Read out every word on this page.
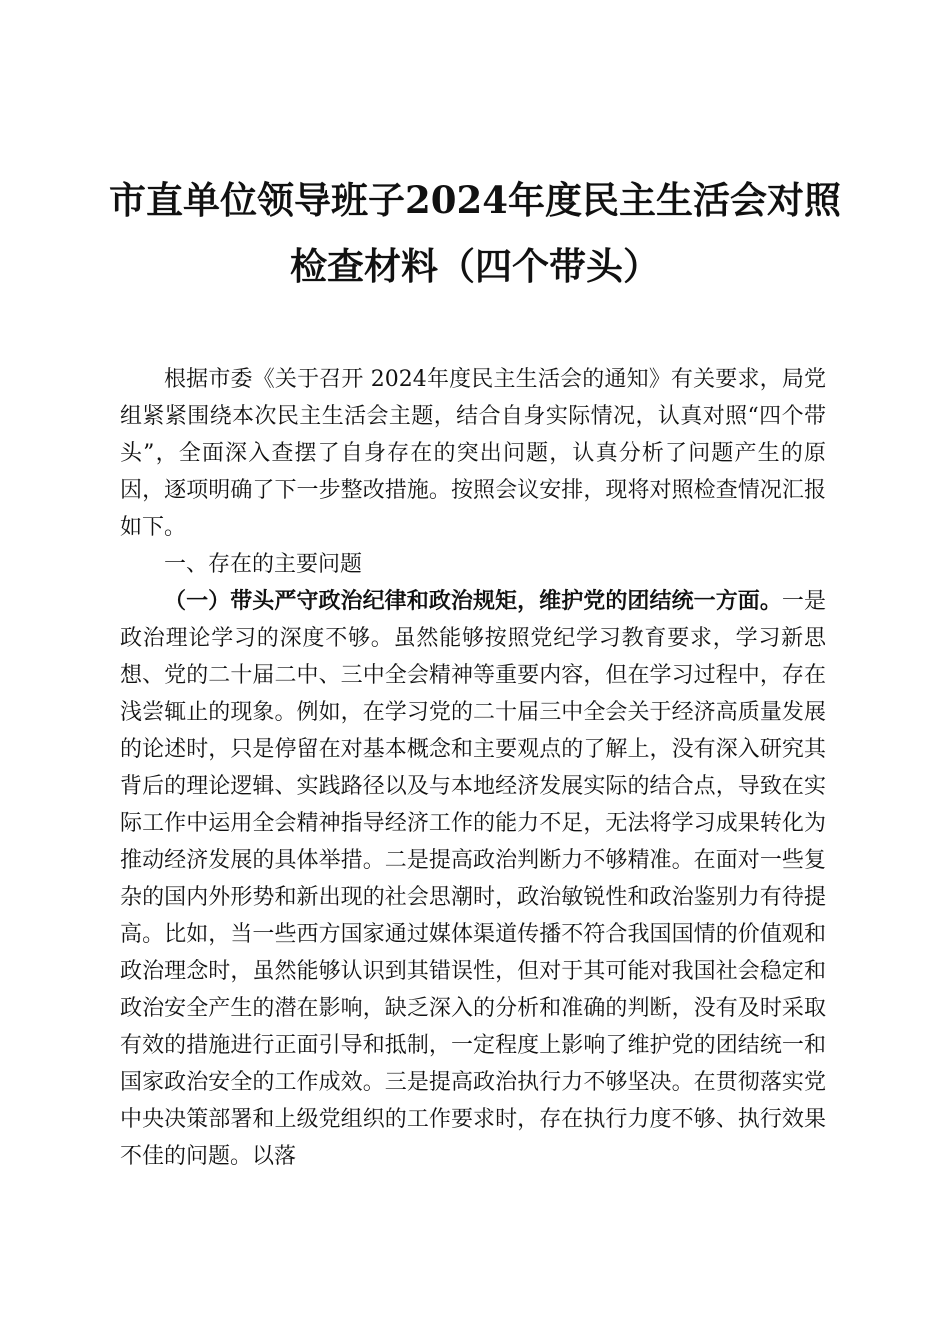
市直单位领导班子2024年度民主生活会对照
检查材料（四个带头）

根据市委《关于召开 2024年度民主生活会的通知》有关要求，局党组紧紧围绕本次民主生活会主题，结合自身实际情况，认真对照“四个带头”，全面深入查摆了自身存在的突出问题，认真分析了问题产生的原因，逐项明确了下一步整改措施。按照会议安排，现将对照检查情况汇报如下。

一、存在的主要问题

（一）带头严守政治纪律和政治规矩，维护党的团结统一方面。一是政治理论学习的深度不够。虽然能够按照党纪学习教育要求，学习新思想、党的二十届二中、三中全会精神等重要内容，但在学习过程中，存在浅尝辄止的现象。例如，在学习党的二十届三中全会关于经济高质量发展的论述时，只是停留在对基本概念和主要观点的了解上，没有深入研究其背后的理论逻辑、实践路径以及与本地经济发展实际的结合点，导致在实际工作中运用全会精神指导经济工作的能力不足，无法将学习成果转化为推动经济发展的具体举措。二是提高政治判断力不够精准。在面对一些复杂的国内外形势和新出现的社会思潮时，政治敏锐性和政治鉴别力有待提高。比如，当一些西方国家通过媒体渠道传播不符合我国国情的价值观和政治理念时，虽然能够认识到其错误性，但对于其可能对我国社会稳定和政治安全产生的潜在影响，缺乏深入的分析和准确的判断，没有及时采取有效的措施进行正面引导和抵制，一定程度上影响了维护党的团结统一和国家政治安全的工作成效。三是提高政治执行力不够坚决。在贯彻落实党中央决策部署和上级党组织的工作要求时，存在执行力度不够、执行效果不佳的问题。以落
